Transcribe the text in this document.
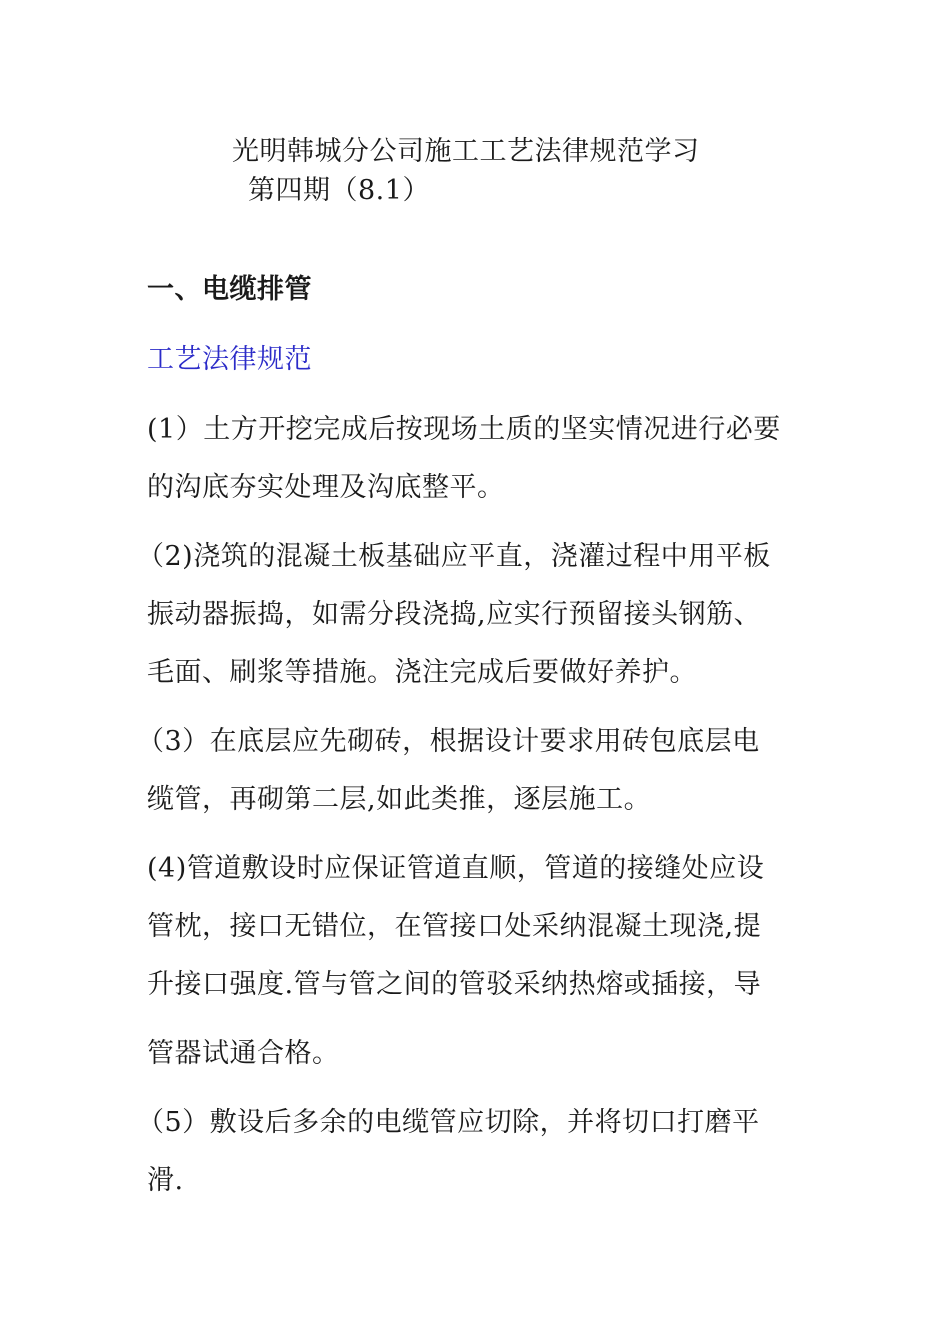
光明韩城分公司施工工艺法律规范学习
第四期（8.1）
一、电缆排管
工艺法律规范
(1）土方开挖完成后按现场土质的坚实情况进行必要
的沟底夯实处理及沟底整平。
（2)浇筑的混凝土板基础应平直，浇灌过程中用平板
振动器振捣，如需分段浇捣,应实行预留接头钢筋、
毛面、刷浆等措施。浇注完成后要做好养护。
（3）在底层应先砌砖，根据设计要求用砖包底层电
缆管，再砌第二层,如此类推，逐层施工。
(4)管道敷设时应保证管道直顺，管道的接缝处应设
管枕，接口无错位，在管接口处采纳混凝土现浇,提
升接口强度.管与管之间的管驳采纳热熔或插接，导
管器试通合格。
（5）敷设后多余的电缆管应切除，并将切口打磨平
滑.
